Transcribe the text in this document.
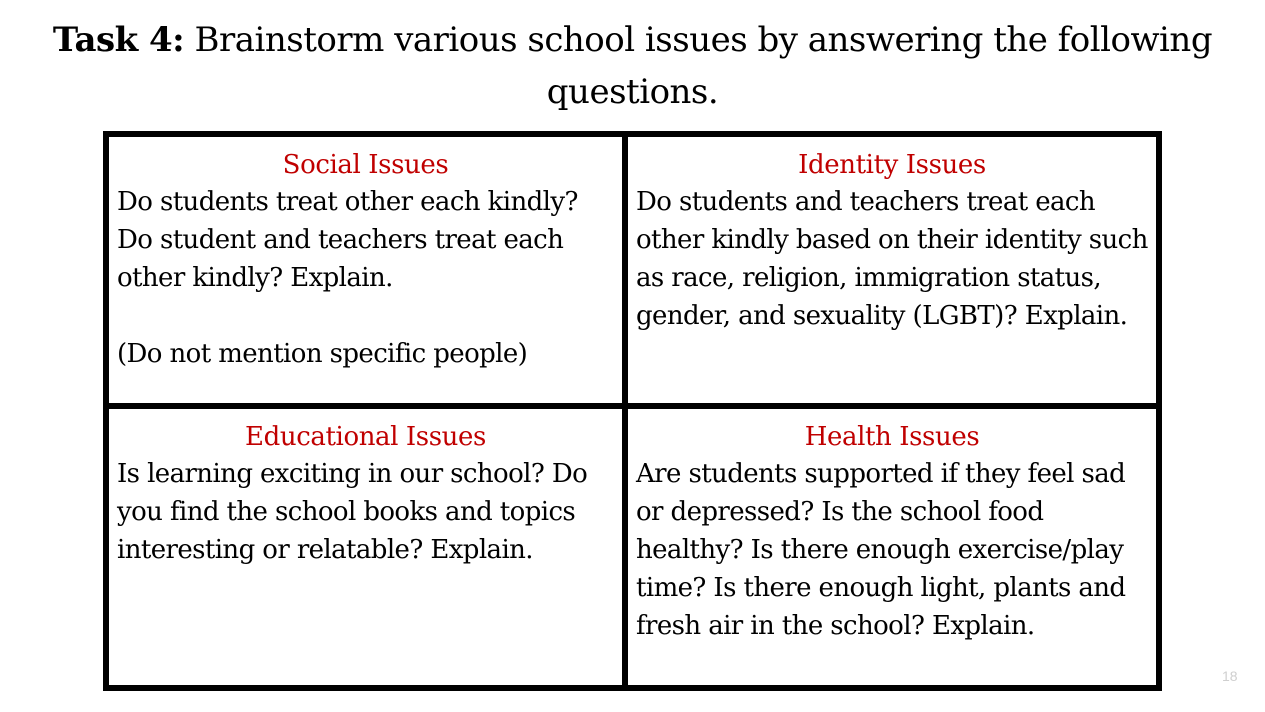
Task 4: Brainstorm various school issues by answering the following questions.
Social Issues
Do students treat other each kindly? Do student and teachers treat each other kindly? Explain.

(Do not mention specific people)
Identity Issues
Do students and teachers treat each other kindly based on their identity such as race, religion, immigration status, gender, and sexuality (LGBT)? Explain.
Educational Issues
Is learning exciting in our school? Do you find the school books and topics interesting or relatable? Explain.
Health Issues
Are students supported if they feel sad or depressed? Is the school food healthy? Is there enough exercise/play time? Is there enough light, plants and fresh air in the school? Explain.
18
